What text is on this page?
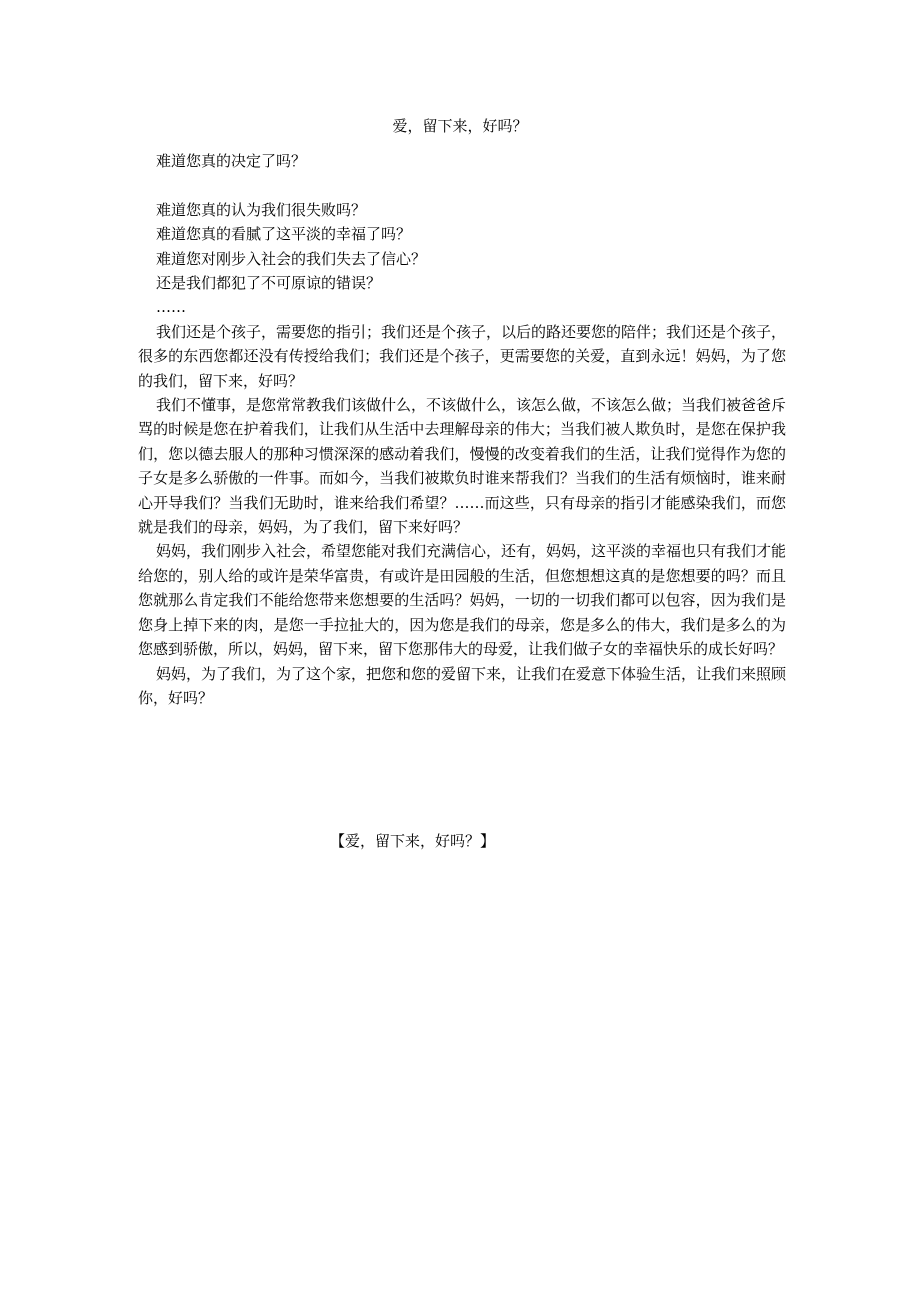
爱，留下来，好吗？
难道您真的决定了吗？
难道您真的认为我们很失败吗？
难道您真的看腻了这平淡的幸福了吗？
难道您对刚步入社会的我们失去了信心？
还是我们都犯了不可原谅的错误？
……

我们还是个孩子，需要您的指引；我们还是个孩子，以后的路还要您的陪伴；我们还是个孩子，很多的东西您都还没有传授给我们；我们还是个孩子，更需要您的关爱，直到永远！妈妈，为了您的我们，留下来，好吗？

我们不懂事，是您常常教我们该做什么，不该做什么，该怎么做，不该怎么做；当我们被爸爸斥骂的时候是您在护着我们，让我们从生活中去理解母亲的伟大；当我们被人欺负时，是您在保护我们，您以德去服人的那种习惯深深的感动着我们，慢慢的改变着我们的生活，让我们觉得作为您的子女是多么骄傲的一件事。而如今，当我们被欺负时谁来帮我们？当我们的生活有烦恼时，谁来耐心开导我们？当我们无助时，谁来给我们希望？……而这些，只有母亲的指引才能感染我们，而您就是我们的母亲，妈妈，为了我们，留下来好吗？

妈妈，我们刚步入社会，希望您能对我们充满信心，还有，妈妈，这平淡的幸福也只有我们才能给您的，别人给的或许是荣华富贵，有或许是田园般的生活，但您想想这真的是您想要的吗？而且您就那么肯定我们不能给您带来您想要的生活吗？妈妈，一切的一切我们都可以包容，因为我们是您身上掉下来的肉，是您一手拉扯大的，因为您是我们的母亲，您是多么的伟大，我们是多么的为您感到骄傲，所以，妈妈，留下来，留下您那伟大的母爱，让我们做子女的幸福快乐的成长好吗？

妈妈，为了我们，为了这个家，把您和您的爱留下来，让我们在爱意下体验生活，让我们来照顾你，好吗？

【爱，留下来，好吗？】
